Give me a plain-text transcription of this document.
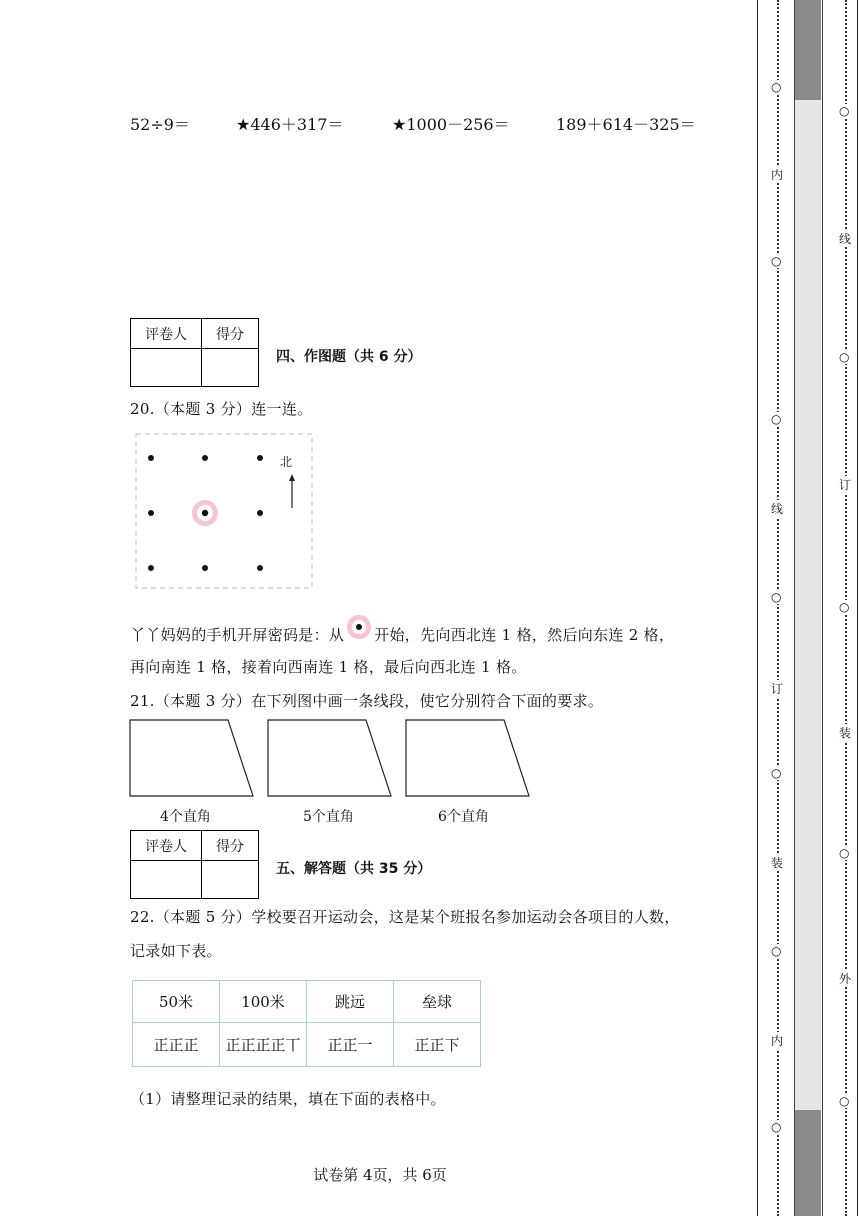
52÷9＝	★446＋317＝	★1000－256＝	189＋614－325＝
评卷人	得分

四、作图题（共 6 分）
20.（本题 3 分）连一连。
北
丫丫妈妈的手机开屏密码是：从 开始，先向西北连 1 格，然后向东连 2 格，
再向南连 1 格，接着向西南连 1 格，最后向西北连 1 格。
21.（本题 3 分）在下列图中画一条线段，使它分别符合下面的要求。
4个直角	5个直角	6个直角
评卷人	得分

五、解答题（共 35 分）
22.（本题 5 分）学校要召开运动会，这是某个班报名参加运动会各项目的人数，
记录如下表。
50米	100米	跳远	垒球
正正正	正正正正丅	正正一	正正下
（1）请整理记录的结果，填在下面的表格中。
试卷第 4页，共 6页
○
内
○
○
线
○
订
○
装
○
内
○
○
线
○
订
○
装
○
外
○
